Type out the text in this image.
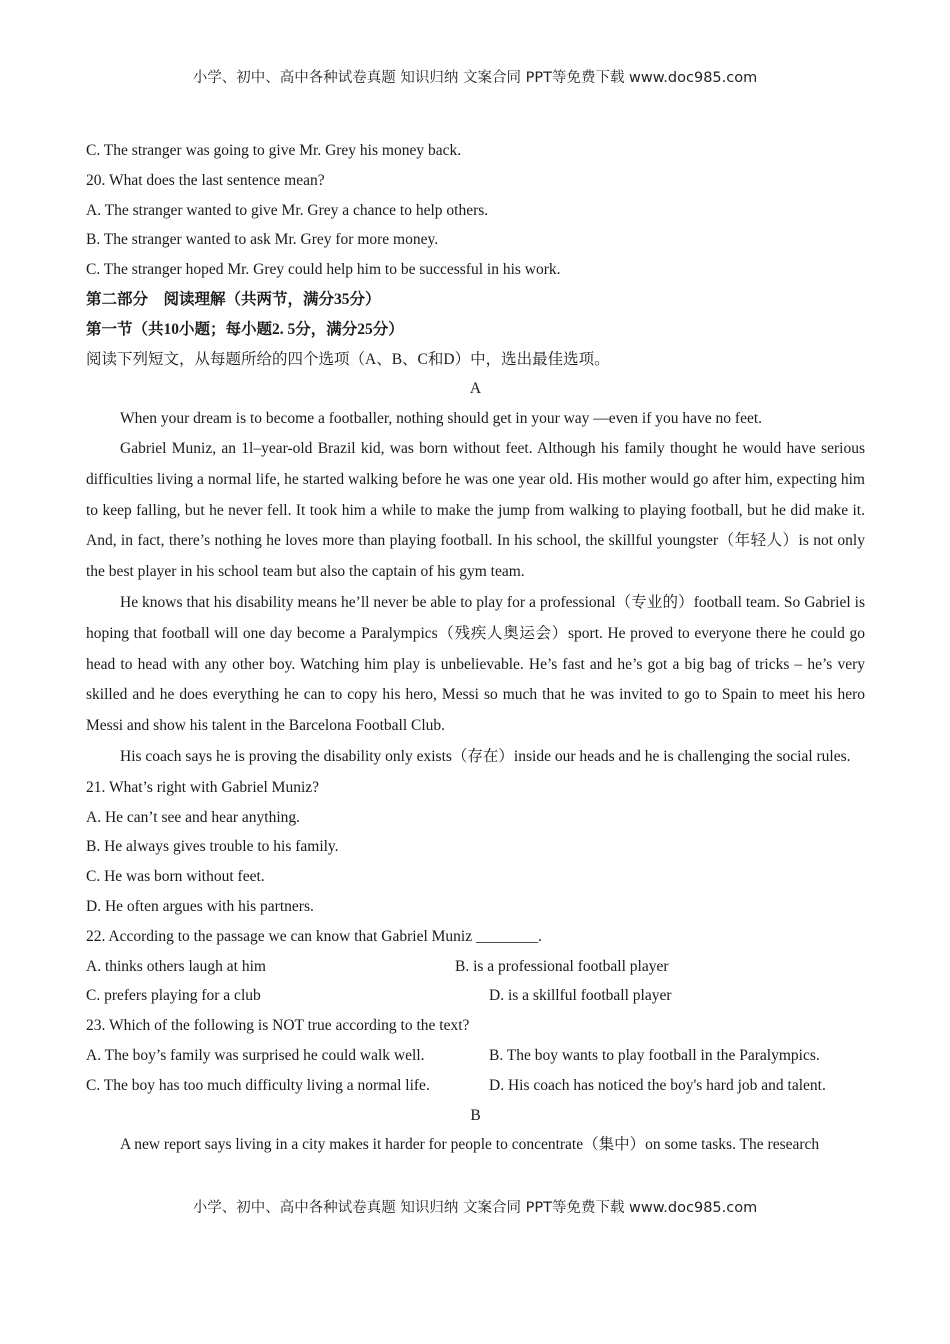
小学、初中、高中各种试卷真题 知识归纳 文案合同 PPT等免费下载 www.doc985.com
C. The stranger was going to give Mr. Grey his money back.
20. What does the last sentence mean?
A. The stranger wanted to give Mr. Grey a chance to help others.
B. The stranger wanted to ask Mr. Grey for more money.
C. The stranger hoped Mr. Grey could help him to be successful in his work.
第二部分　阅读理解（共两节，满分35分）
第一节（共10小题；每小题2. 5分，满分25分）
阅读下列短文，从每题所给的四个选项（A、B、C和D）中，选出最佳选项。
A

When your dream is to become a footballer, nothing should get in your way —even if you have no feet.

Gabriel Muniz, an 1l–year-old Brazil kid, was born without feet. Although his family thought he would have serious difficulties living a normal life, he started walking before he was one year old. His mother would go after him, expecting him to keep falling, but he never fell. It took him a while to make the jump from walking to playing football, but he did make it. And, in fact, there’s nothing he loves more than playing football. In his school, the skillful youngster（年轻人）is not only the best player in his school team but also the captain of his gym team.

He knows that his disability means he’ll never be able to play for a professional（专业的）football team. So Gabriel is hoping that football will one day become a Paralympics（残疾人奥运会）sport. He proved to everyone there he could go head to head with any other boy. Watching him play is unbelievable. He’s fast and he’s got a big bag of tricks – he’s very skilled and he does everything he can to copy his hero, Messi so much that he was invited to go to Spain to meet his hero Messi and show his talent in the Barcelona Football Club.

His coach says he is proving the disability only exists（存在）inside our heads and he is challenging the social rules.

21. What’s right with Gabriel Muniz?
A. He can’t see and hear anything.
B. He always gives trouble to his family.
C. He was born without feet.
D. He often argues with his partners.
22. According to the passage we can know that Gabriel Muniz ________.
A. thinks others laugh at him	B. is a professional football player
C. prefers playing for a club	D. is a skillful football player
23. Which of the following is NOT true according to the text?
A. The boy’s family was surprised he could walk well.	B. The boy wants to play football in the Paralympics.
C. The boy has too much difficulty living a normal life.	D. His coach has noticed the boy's hard job and talent.
B
A new report says living in a city makes it harder for people to concentrate（集中）on some tasks. The research
小学、初中、高中各种试卷真题 知识归纳 文案合同 PPT等免费下载 www.doc985.com
